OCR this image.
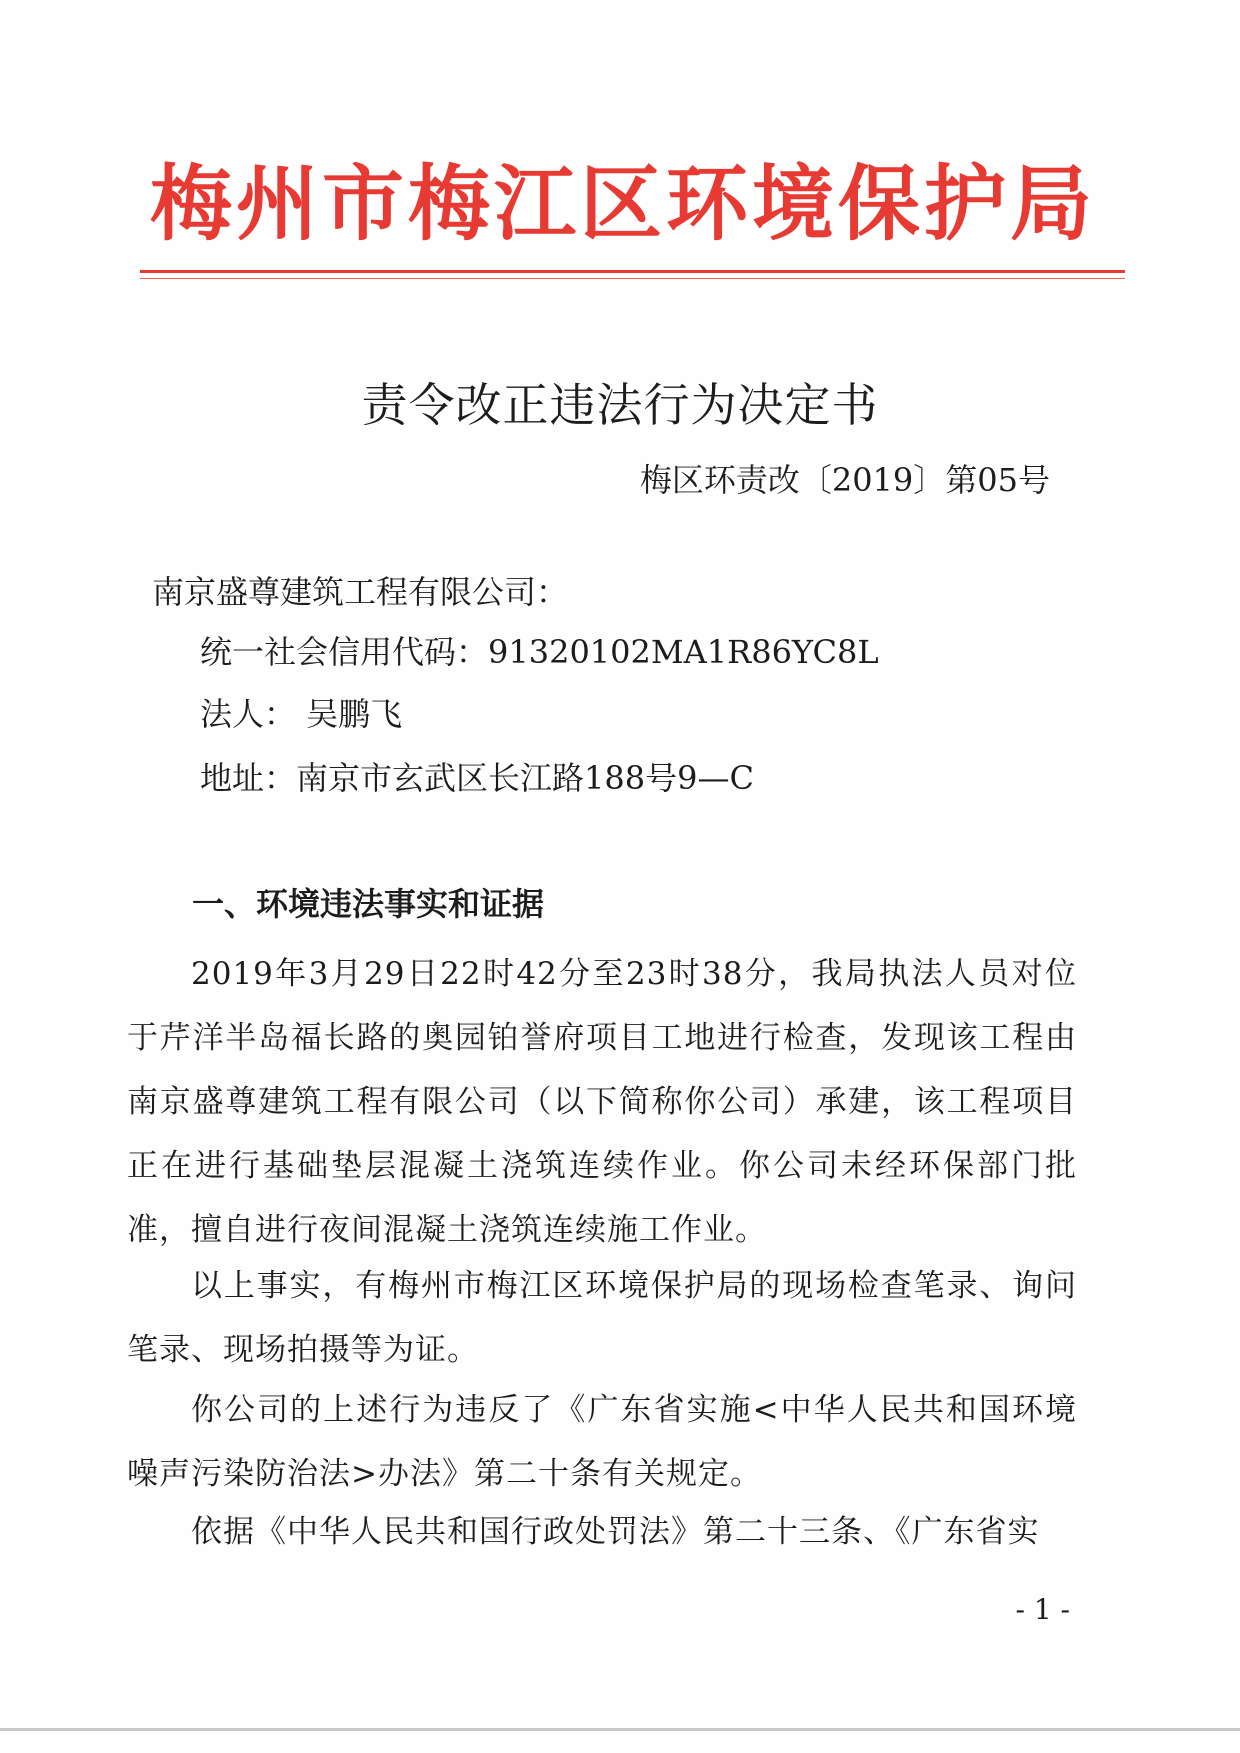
梅州市梅江区环境保护局
责令改正违法行为决定书
梅区环责改〔2019〕第05号
南京盛尊建筑工程有限公司：
统一社会信用代码：91320102MA1R86YC8L
法人： 吴鹏飞
地址：南京市玄武区长江路188号9—C
一、环境违法事实和证据
2019年3月29日22时42分至23时38分，我局执法人员对位于芹洋半岛福长路的奥园铂誉府项目工地进行检查，发现该工程由南京盛尊建筑工程有限公司（以下简称你公司）承建，该工程项目正在进行基础垫层混凝土浇筑连续作业。你公司未经环保部门批准，擅自进行夜间混凝土浇筑连续施工作业。
以上事实，有梅州市梅江区环境保护局的现场检查笔录、询问笔录、现场拍摄等为证。
你公司的上述行为违反了《广东省实施<中华人民共和国环境噪声污染防治法>办法》第二十条有关规定。
依据《中华人民共和国行政处罚法》第二十三条、《广东省实
- 1 -
